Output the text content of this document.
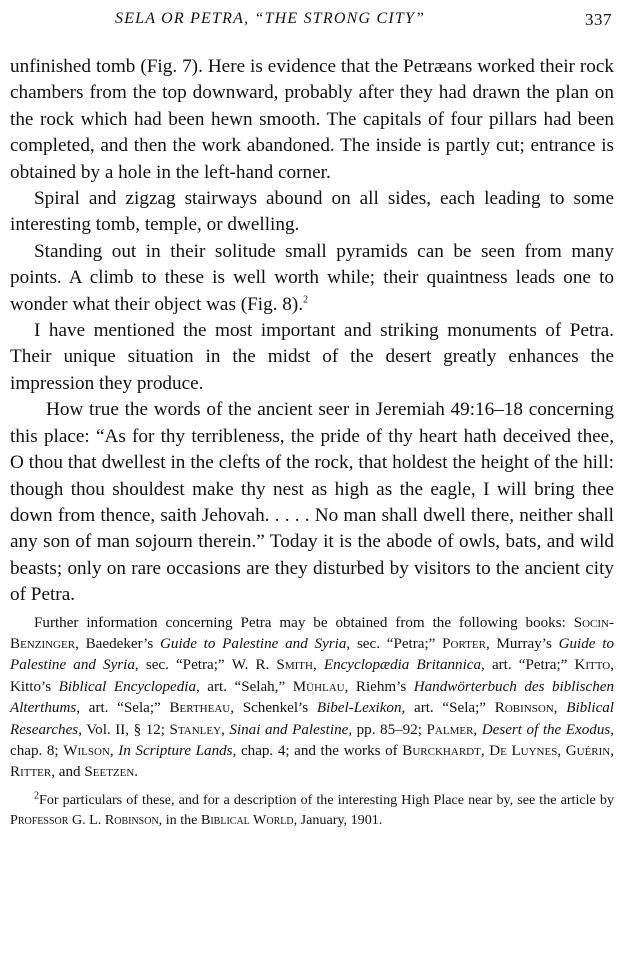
SELA OR PETRA, “THE STRONG CITY”	337

unfinished tomb (Fig. 7). Here is evidence that the Petræans worked their rock chambers from the top downward, probably after they had drawn the plan on the rock which had been hewn smooth. The capitals of four pillars had been completed, and then the work abandoned. The inside is partly cut; entrance is obtained by a hole in the left-hand corner.

Spiral and zigzag stairways abound on all sides, each leading to some interesting tomb, temple, or dwelling.

Standing out in their solitude small pyramids can be seen from many points. A climb to these is well worth while; their quaintness leads one to wonder what their object was (Fig. 8).$^2$

I have mentioned the most important and striking monuments of Petra. Their unique situation in the midst of the desert greatly enhances the impression they produce.

How true the words of the ancient seer in Jeremiah 49:16–18 concerning this place: “As for thy terribleness, the pride of thy heart hath deceived thee, O thou that dwellest in the clefts of the rock, that holdest the height of the hill: though thou shouldest make thy nest as high as the eagle, I will bring thee down from thence, saith Jehovah. . . . . No man shall dwell there, neither shall any son of man sojourn therein.” Today it is the abode of owls, bats, and wild beasts; only on rare occasions are they disturbed by visitors to the ancient city of Petra.

Further information concerning Petra may be obtained from the following books: Socin-Benzinger, Baedeker’s Guide to Palestine and Syria, sec. “Petra;” Porter, Murray’s Guide to Palestine and Syria, sec. “Petra;” W. R. Smith, Encyclopædia Britannica, art. “Petra;” Kitto, Kitto’s Biblical Encyclopedia, art. “Selah,” Mühlau, Riehm’s Handwörterbuch des biblischen Alterthums, art. “Sela;” Bertheau, Schenkel’s Bibel-Lexikon, art. “Sela;” Robinson, Biblical Researches, Vol. II, § 12; Stanley, Sinai and Palestine, pp. 85–92; Palmer, Desert of the Exodus, chap. 8; Wilson, In Scripture Lands, chap. 4; and the works of Burckhardt, De Luynes, Guérin, Ritter, and Seetzen.

$^2$For particulars of these, and for a description of the interesting High Place near by, see the article by Professor G. L. Robinson, in the Biblical World, January, 1901.
